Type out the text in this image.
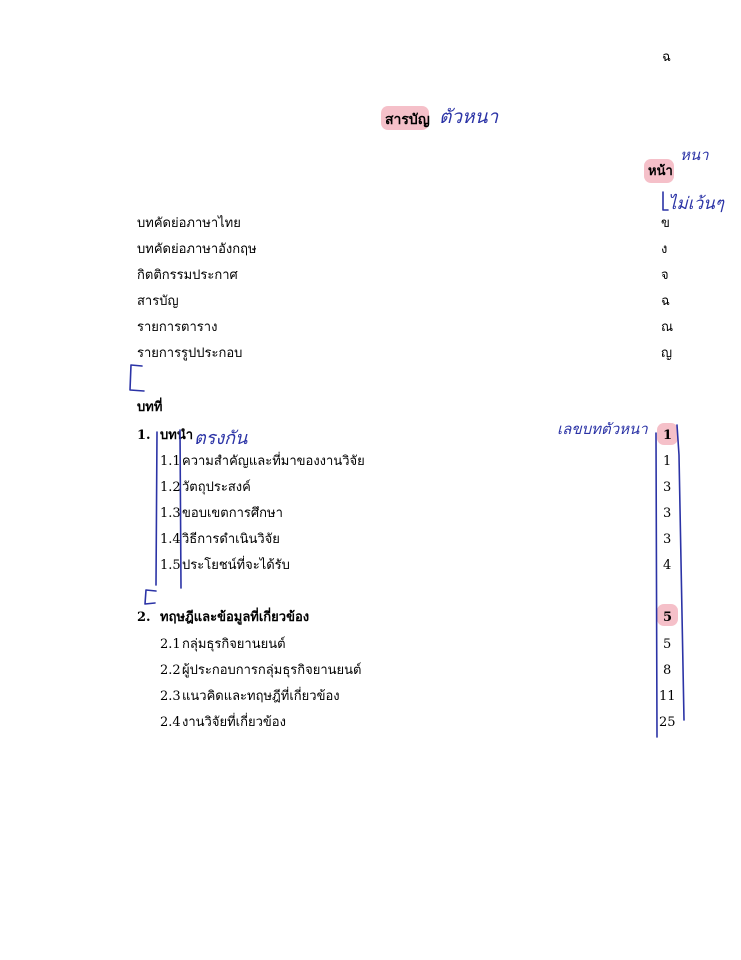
ฉ
สารบัญ
หน้า
บทคัดย่อภาษาไทย	ข
บทคัดย่อภาษาอังกฤษ	ง
กิตติกรรมประกาศ	จ
สารบัญ	ฉ
รายการตาราง	ณ
รายการรูปประกอบ	ญ
บทที่
1. บทนำ	1
1.1 ความสำคัญและที่มาของงานวิจัย	1
1.2 วัตถุประสงค์	3
1.3 ขอบเขตการศึกษา	3
1.4 วิธีการดำเนินวิจัย	3
1.5 ประโยชน์ที่จะได้รับ	4
2. ทฤษฎีและข้อมูลที่เกี่ยวข้อง	5
2.1 กลุ่มธุรกิจยานยนต์	5
2.2 ผู้ประกอบการกลุ่มธุรกิจยานยนต์	8
2.3 แนวคิดและทฤษฎีที่เกี่ยวข้อง	11
2.4 งานวิจัยที่เกี่ยวข้อง	25
ตัวหนา
หนา
ไม่เว้นๆ
ตรงกัน	เลขบทตัวหนา
